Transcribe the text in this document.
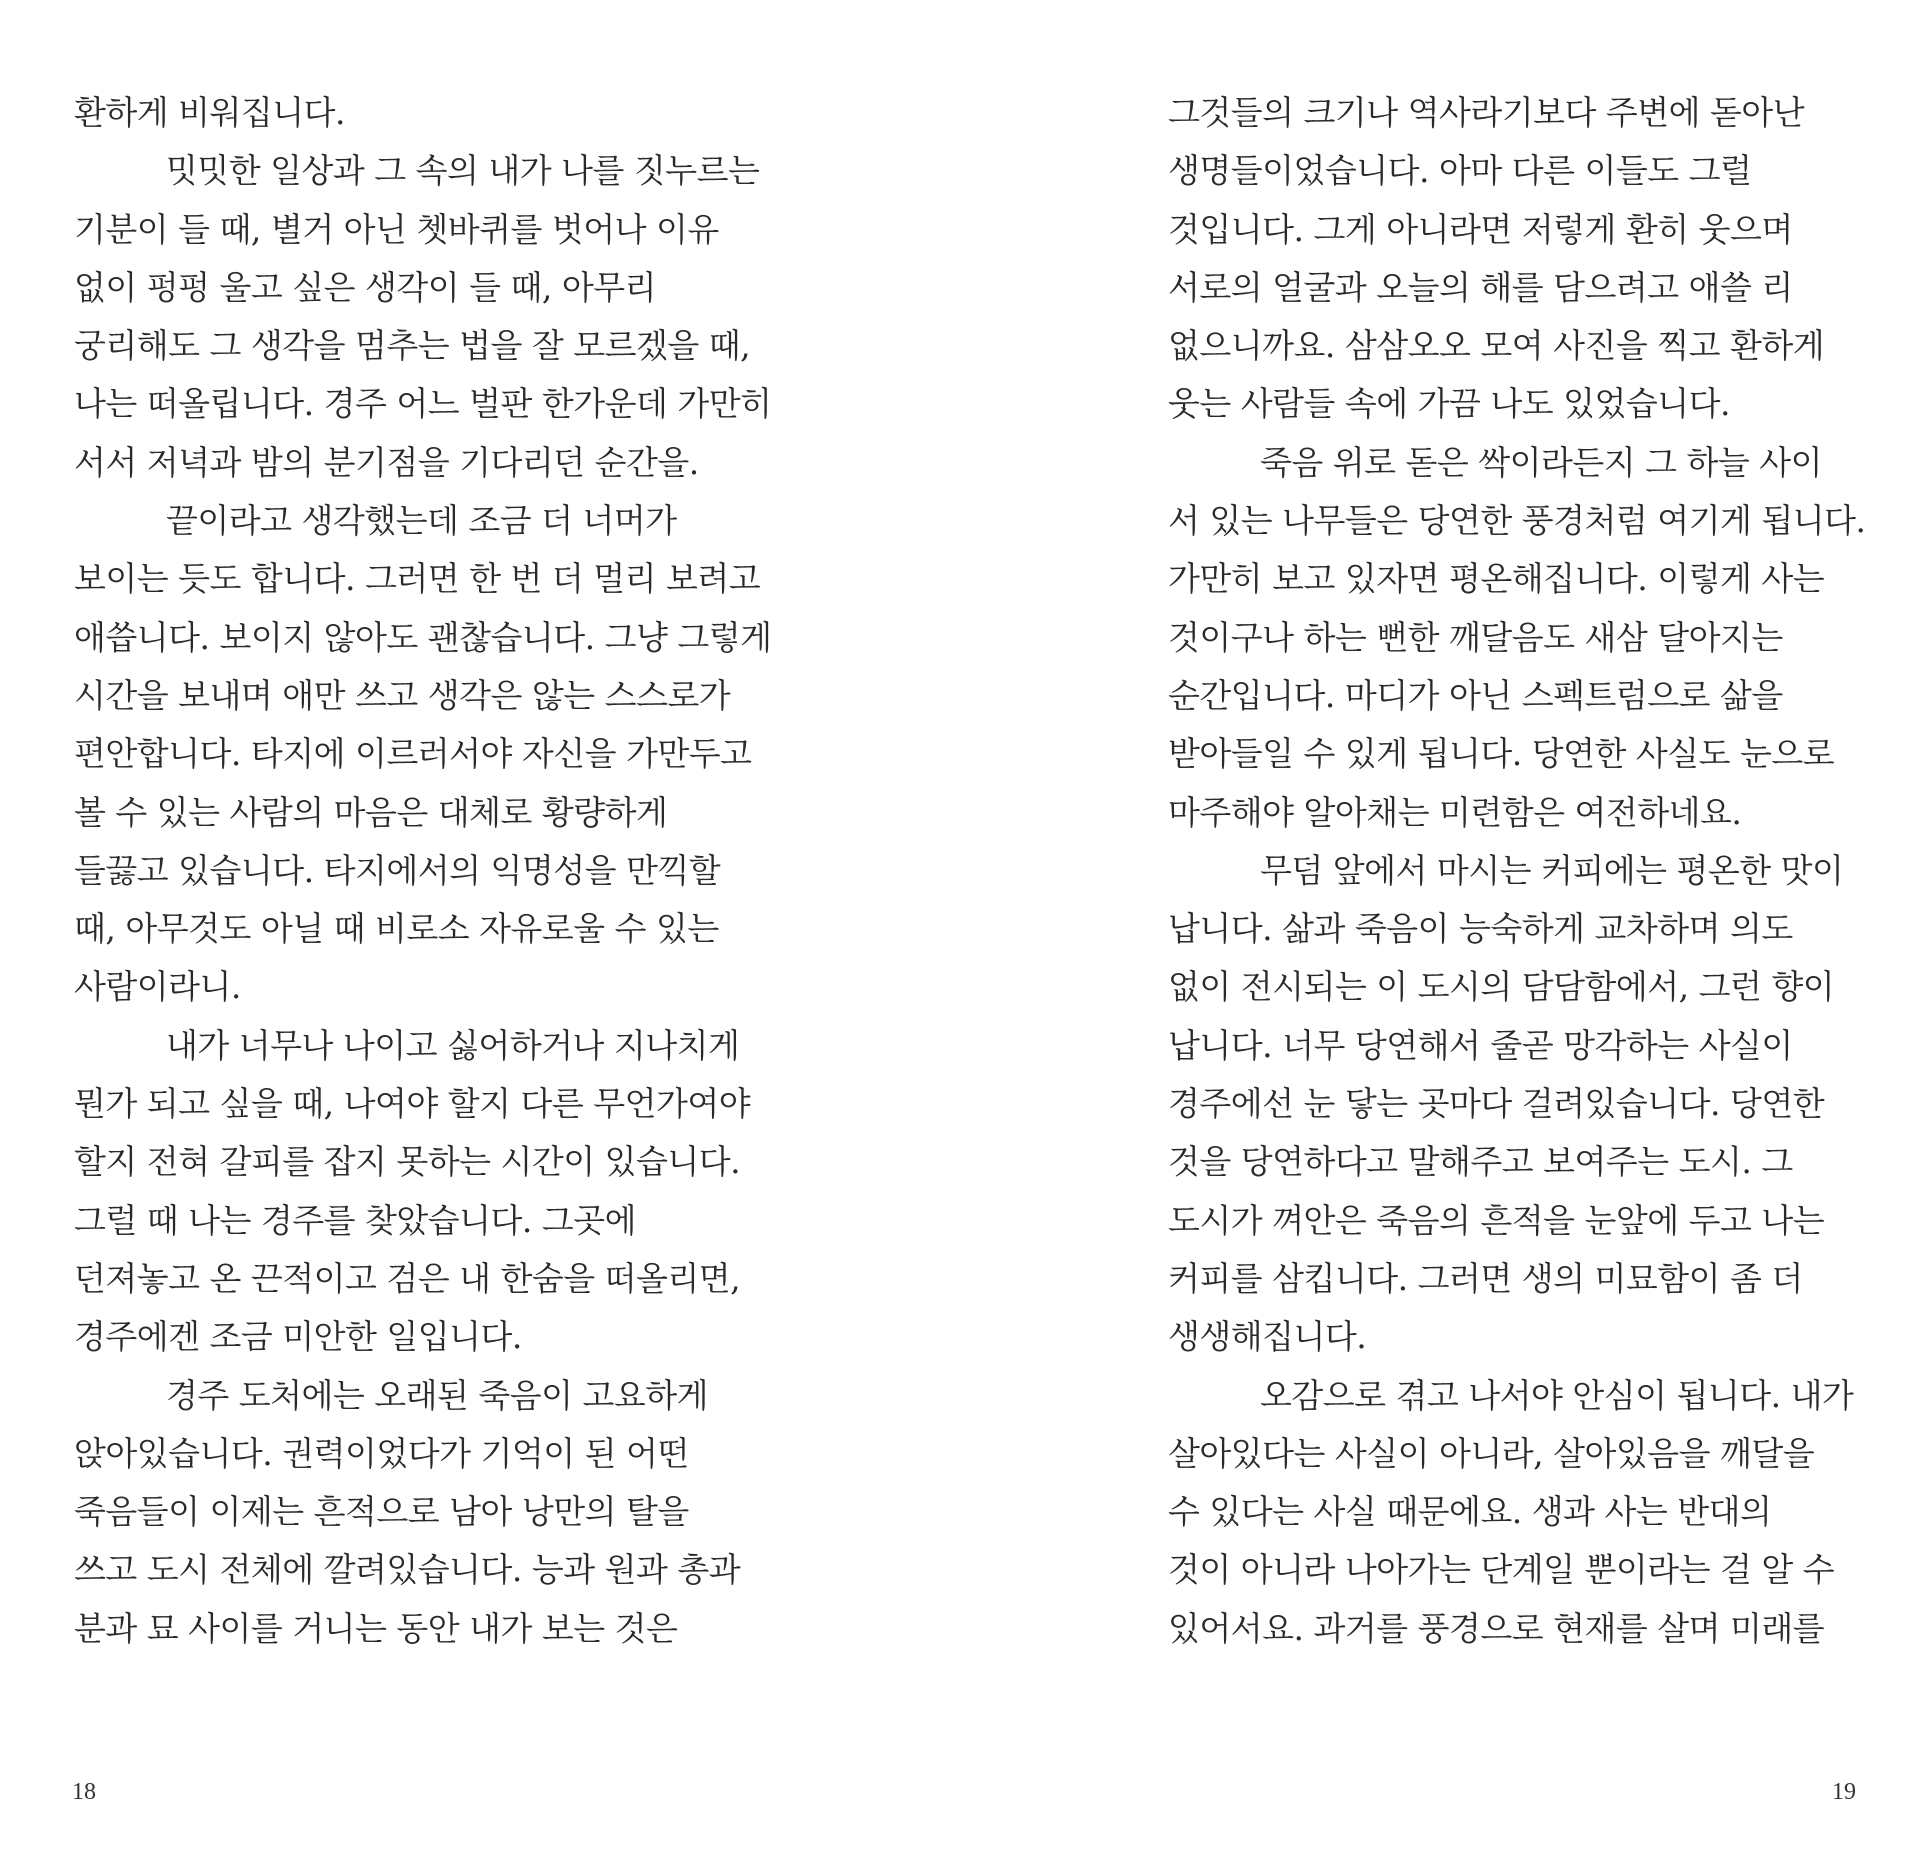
환하게 비워집니다.
밋밋한 일상과 그 속의 내가 나를 짓누르는
기분이 들 때, 별거 아닌 쳇바퀴를 벗어나 이유
없이 펑펑 울고 싶은 생각이 들 때, 아무리
궁리해도 그 생각을 멈추는 법을 잘 모르겠을 때,
나는 떠올립니다. 경주 어느 벌판 한가운데 가만히
서서 저녁과 밤의 분기점을 기다리던 순간을.
끝이라고 생각했는데 조금 더 너머가
보이는 듯도 합니다. 그러면 한 번 더 멀리 보려고
애씁니다. 보이지 않아도 괜찮습니다. 그냥 그렇게
시간을 보내며 애만 쓰고 생각은 않는 스스로가
편안합니다. 타지에 이르러서야 자신을 가만두고
볼 수 있는 사람의 마음은 대체로 황량하게
들끓고 있습니다. 타지에서의 익명성을 만끽할
때, 아무것도 아닐 때 비로소 자유로울 수 있는
사람이라니.
내가 너무나 나이고 싫어하거나 지나치게
뭔가 되고 싶을 때, 나여야 할지 다른 무언가여야
할지 전혀 갈피를 잡지 못하는 시간이 있습니다.
그럴 때 나는 경주를 찾았습니다. 그곳에
던져놓고 온 끈적이고 검은 내 한숨을 떠올리면,
경주에겐 조금 미안한 일입니다.
경주 도처에는 오래된 죽음이 고요하게
앉아있습니다. 권력이었다가 기억이 된 어떤
죽음들이 이제는 흔적으로 남아 낭만의 탈을
쓰고 도시 전체에 깔려있습니다. 능과 원과 총과
분과 묘 사이를 거니는 동안 내가 보는 것은
그것들의 크기나 역사라기보다 주변에 돋아난
생명들이었습니다. 아마 다른 이들도 그럴
것입니다. 그게 아니라면 저렇게 환히 웃으며
서로의 얼굴과 오늘의 해를 담으려고 애쓸 리
없으니까요. 삼삼오오 모여 사진을 찍고 환하게
웃는 사람들 속에 가끔 나도 있었습니다.
죽음 위로 돋은 싹이라든지 그 하늘 사이
서 있는 나무들은 당연한 풍경처럼 여기게 됩니다.
가만히 보고 있자면 평온해집니다. 이렇게 사는
것이구나 하는 뻔한 깨달음도 새삼 달아지는
순간입니다. 마디가 아닌 스펙트럼으로 삶을
받아들일 수 있게 됩니다. 당연한 사실도 눈으로
마주해야 알아채는 미련함은 여전하네요.
무덤 앞에서 마시는 커피에는 평온한 맛이
납니다. 삶과 죽음이 능숙하게 교차하며 의도
없이 전시되는 이 도시의 담담함에서, 그런 향이
납니다. 너무 당연해서 줄곧 망각하는 사실이
경주에선 눈 닿는 곳마다 걸려있습니다. 당연한
것을 당연하다고 말해주고 보여주는 도시. 그
도시가 껴안은 죽음의 흔적을 눈앞에 두고 나는
커피를 삼킵니다. 그러면 생의 미묘함이 좀 더
생생해집니다.
오감으로 겪고 나서야 안심이 됩니다. 내가
살아있다는 사실이 아니라, 살아있음을 깨달을
수 있다는 사실 때문에요. 생과 사는 반대의
것이 아니라 나아가는 단계일 뿐이라는 걸 알 수
있어서요. 과거를 풍경으로 현재를 살며 미래를
18	19
